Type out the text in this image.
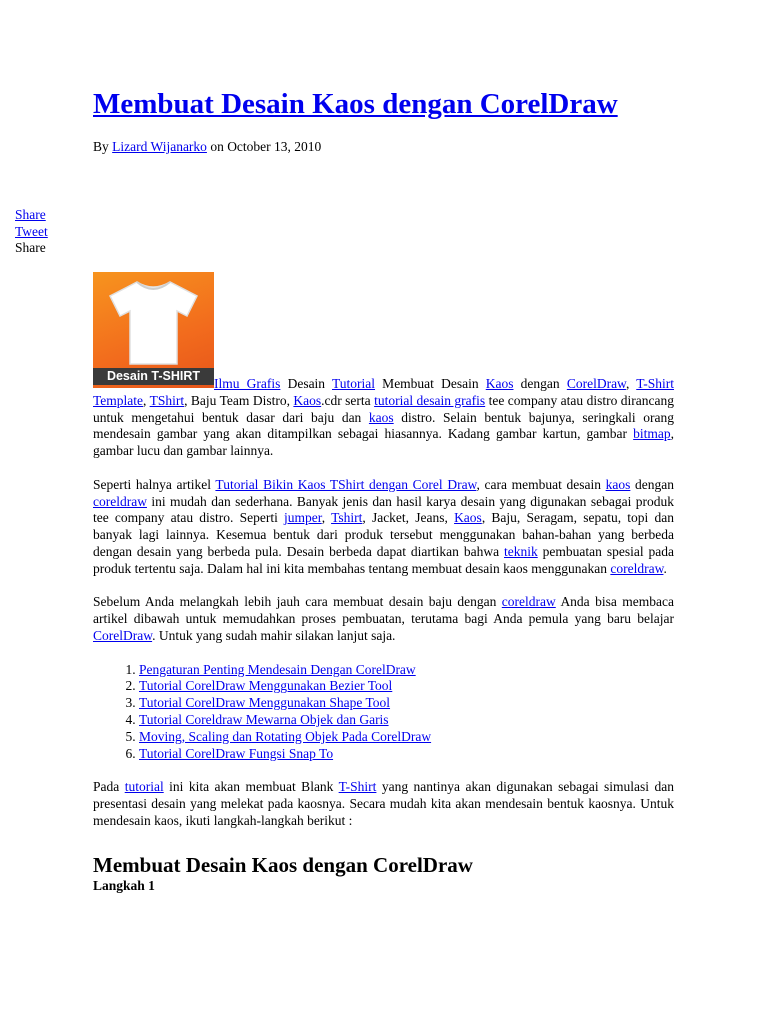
Membuat Desain Kaos dengan CorelDraw

By Lizard Wijanarko on October 13, 2010

Share
Tweet
Share

Desain T-SHIRT	Ilmu Grafis Desain Tutorial Membuat Desain Kaos dengan CorelDraw, T-Shirt Template, TShirt, Baju Team Distro, Kaos.cdr serta tutorial desain grafis tee company atau distro dirancang untuk mengetahui bentuk dasar dari baju dan kaos distro. Selain bentuk bajunya, seringkali orang mendesain gambar yang akan ditampilkan sebagai hiasannya. Kadang gambar kartun, gambar bitmap, gambar lucu dan gambar lainnya.

Seperti halnya artikel Tutorial Bikin Kaos TShirt dengan Corel Draw, cara membuat desain kaos dengan coreldraw ini mudah dan sederhana. Banyak jenis dan hasil karya desain yang digunakan sebagai produk tee company atau distro. Seperti jumper, Tshirt, Jacket, Jeans, Kaos, Baju, Seragam, sepatu, topi dan banyak lagi lainnya. Kesemua bentuk dari produk tersebut menggunakan bahan-bahan yang berbeda dengan desain yang berbeda pula. Desain berbeda dapat diartikan bahwa teknik pembuatan spesial pada produk tertentu saja. Dalam hal ini kita membahas tentang membuat desain kaos menggunakan coreldraw.

Sebelum Anda melangkah lebih jauh cara membuat desain baju dengan coreldraw Anda bisa membaca artikel dibawah untuk memudahkan proses pembuatan, terutama bagi Anda pemula yang baru belajar CorelDraw. Untuk yang sudah mahir silakan lanjut saja.

1. Pengaturan Penting Mendesain Dengan CorelDraw
2. Tutorial CorelDraw Menggunakan Bezier Tool
3. Tutorial CorelDraw Menggunakan Shape Tool
4. Tutorial Coreldraw Mewarna Objek dan Garis
5. Moving, Scaling dan Rotating Objek Pada CorelDraw
6. Tutorial CorelDraw Fungsi Snap To

Pada tutorial ini kita akan membuat Blank T-Shirt yang nantinya akan digunakan sebagai simulasi dan presentasi desain yang melekat pada kaosnya. Secara mudah kita akan mendesain bentuk kaosnya. Untuk mendesain kaos, ikuti langkah-langkah berikut :

Membuat Desain Kaos dengan CorelDraw

Langkah 1
